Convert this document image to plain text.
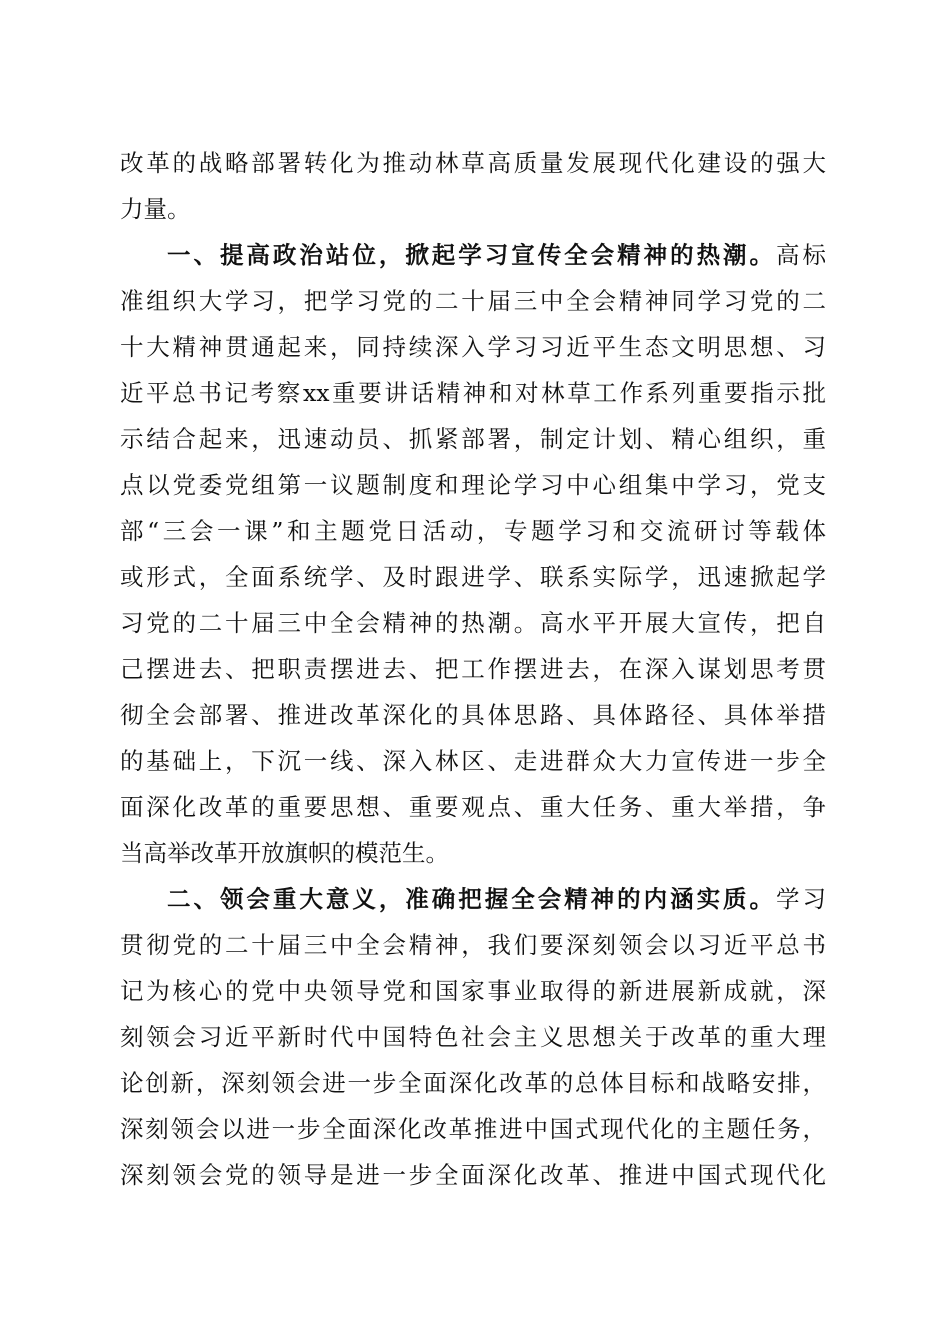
改革的战略部署转化为推动林草高质量发展现代化建设的强大
力量。
一、提高政治站位，掀起学习宣传全会精神的热潮。高标
准组织大学习，把学习党的二十届三中全会精神同学习党的二
十大精神贯通起来，同持续深入学习习近平生态文明思想、习
近平总书记考察xx重要讲话精神和对林草工作系列重要指示批
示结合起来，迅速动员、抓紧部署，制定计划、精心组织，重
点以党委党组第一议题制度和理论学习中心组集中学习，党支
部“三会一课”和主题党日活动，专题学习和交流研讨等载体
或形式，全面系统学、及时跟进学、联系实际学，迅速掀起学
习党的二十届三中全会精神的热潮。高水平开展大宣传，把自
己摆进去、把职责摆进去、把工作摆进去，在深入谋划思考贯
彻全会部署、推进改革深化的具体思路、具体路径、具体举措
的基础上，下沉一线、深入林区、走进群众大力宣传进一步全
面深化改革的重要思想、重要观点、重大任务、重大举措，争
当高举改革开放旗帜的模范生。
二、领会重大意义，准确把握全会精神的内涵实质。学习
贯彻党的二十届三中全会精神，我们要深刻领会以习近平总书
记为核心的党中央领导党和国家事业取得的新进展新成就，深
刻领会习近平新时代中国特色社会主义思想关于改革的重大理
论创新，深刻领会进一步全面深化改革的总体目标和战略安排，
深刻领会以进一步全面深化改革推进中国式现代化的主题任务，
深刻领会党的领导是进一步全面深化改革、推进中国式现代化
